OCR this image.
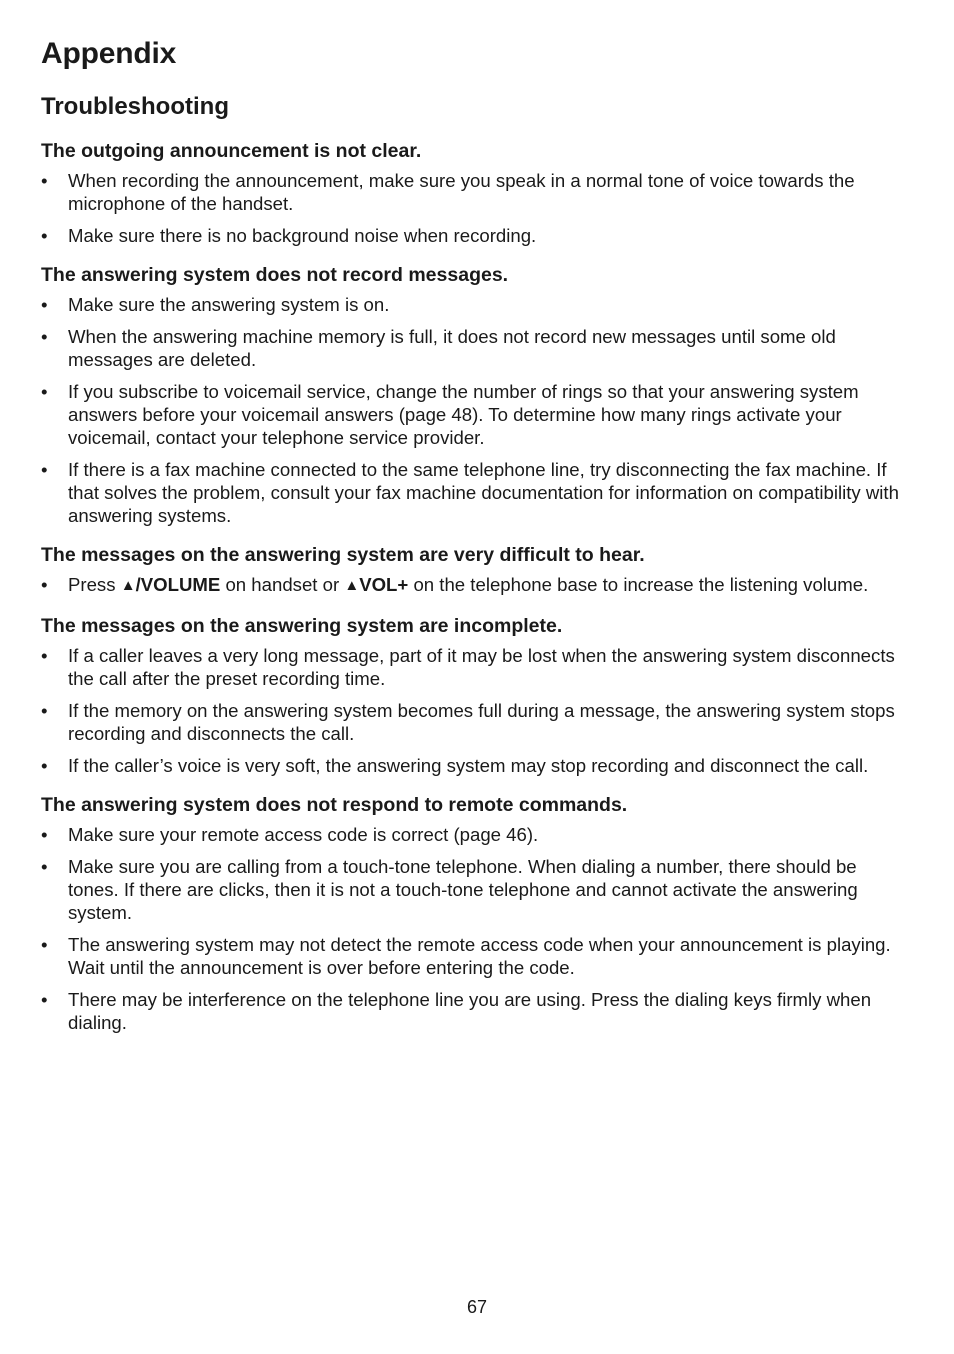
Appendix
Troubleshooting
The outgoing announcement is not clear.
• When recording the announcement, make sure you speak in a normal tone of voice towards the microphone of the handset.
• Make sure there is no background noise when recording.
The answering system does not record messages.
• Make sure the answering system is on.
• When the answering machine memory is full, it does not record new messages until some old messages are deleted.
• If you subscribe to voicemail service, change the number of rings so that your answering system answers before your voicemail answers (page 48). To determine how many rings activate your voicemail, contact your telephone service provider.
• If there is a fax machine connected to the same telephone line, try disconnecting the fax machine. If that solves the problem, consult your fax machine documentation for information on compatibility with answering systems.
The messages on the answering system are very difficult to hear.
• Press ▲/VOLUME on handset or ▲VOL+ on the telephone base to increase the listening volume.
The messages on the answering system are incomplete.
• If a caller leaves a very long message, part of it may be lost when the answering system disconnects the call after the preset recording time.
• If the memory on the answering system becomes full during a message, the answering system stops recording and disconnects the call.
• If the caller’s voice is very soft, the answering system may stop recording and disconnect the call.
The answering system does not respond to remote commands.
• Make sure your remote access code is correct (page 46).
• Make sure you are calling from a touch-tone telephone. When dialing a number, there should be tones. If there are clicks, then it is not a touch-tone telephone and cannot activate the answering system.
• The answering system may not detect the remote access code when your announcement is playing. Wait until the announcement is over before entering the code.
• There may be interference on the telephone line you are using. Press the dialing keys firmly when dialing.
67
